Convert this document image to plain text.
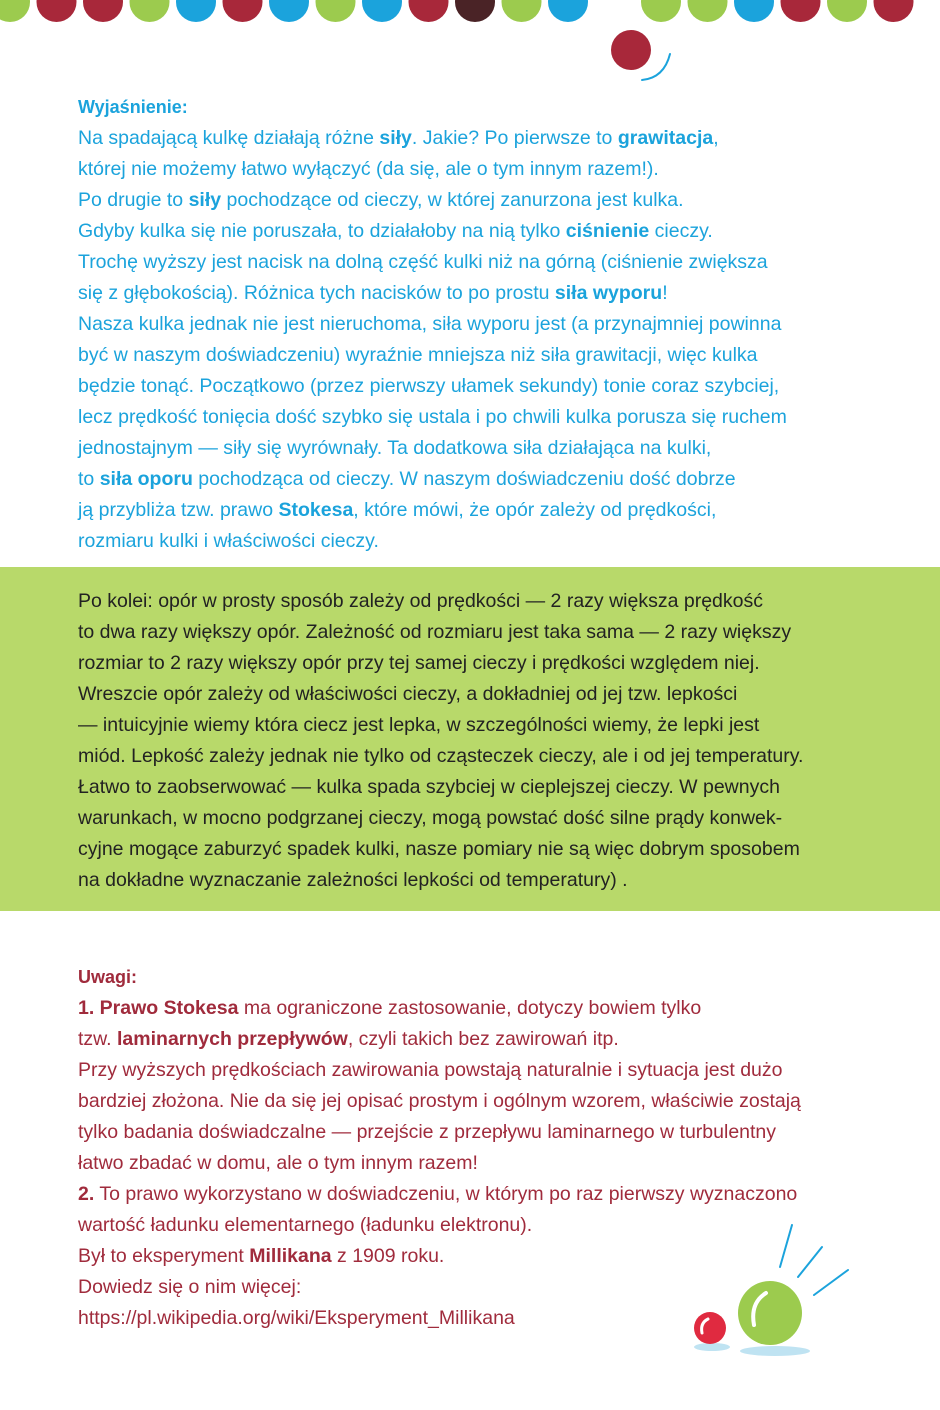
Wyjaśnienie:
Na spadającą kulkę działają różne siły. Jakie? Po pierwsze to grawitacja,
której nie możemy łatwo wyłączyć (da się, ale o tym innym razem!).
Po drugie to siły pochodzące od cieczy, w której zanurzona jest kulka.
Gdyby kulka się nie poruszała, to działałoby na nią tylko ciśnienie cieczy.
Trochę wyższy jest nacisk na dolną część kulki niż na górną (ciśnienie zwiększa
się z głębokością). Różnica tych nacisków to po prostu siła wyporu!
Nasza kulka jednak nie jest nieruchoma, siła wyporu jest (a przynajmniej powinna
być w naszym doświadczeniu) wyraźnie mniejsza niż siła grawitacji, więc kulka
będzie tonąć. Początkowo (przez pierwszy ułamek sekundy) tonie coraz szybciej,
lecz prędkość tonięcia dość szybko się ustala i po chwili kulka porusza się ruchem
jednostajnym — siły się wyrównały. Ta dodatkowa siła działająca na kulki,
to siła oporu pochodząca od cieczy. W naszym doświadczeniu dość dobrze
ją przybliża tzw. prawo Stokesa, które mówi, że opór zależy od prędkości,
rozmiaru kulki i właściwości cieczy.
Po kolei: opór w prosty sposób zależy od prędkości — 2 razy większa prędkość
to dwa razy większy opór. Zależność od rozmiaru jest taka sama — 2 razy większy
rozmiar to 2 razy większy opór przy tej samej cieczy i prędkości względem niej.
Wreszcie opór zależy od właściwości cieczy, a dokładniej od jej tzw. lepkości
— intuicyjnie wiemy która ciecz jest lepka, w szczególności wiemy, że lepki jest
miód. Lepkość zależy jednak nie tylko od cząsteczek cieczy, ale i od jej temperatury.
Łatwo to zaobserwować — kulka spada szybciej w cieplejszej cieczy. W pewnych
warunkach, w mocno podgrzanej cieczy, mogą powstać dość silne prądy konwek-
cyjne mogące zaburzyć spadek kulki, nasze pomiary nie są więc dobrym sposobem
na dokładne wyznaczanie zależności lepkości od temperatury) .
Uwagi:
1. Prawo Stokesa ma ograniczone zastosowanie, dotyczy bowiem tylko
tzw. laminarnych przepływów, czyli takich bez zawirowań itp.
Przy wyższych prędkościach zawirowania powstają naturalnie i sytuacja jest dużo
bardziej złożona. Nie da się jej opisać prostym i ogólnym wzorem, właściwie zostają
tylko badania doświadczalne — przejście z przepływu laminarnego w turbulentny
łatwo zbadać w domu, ale o tym innym razem!
2. To prawo wykorzystano w doświadczeniu, w którym po raz pierwszy wyznaczono
wartość ładunku elementarnego (ładunku elektronu).
Był to eksperyment Millikana z 1909 roku.
Dowiedz się o nim więcej:
https://pl.wikipedia.org/wiki/Eksperyment_Millikana
